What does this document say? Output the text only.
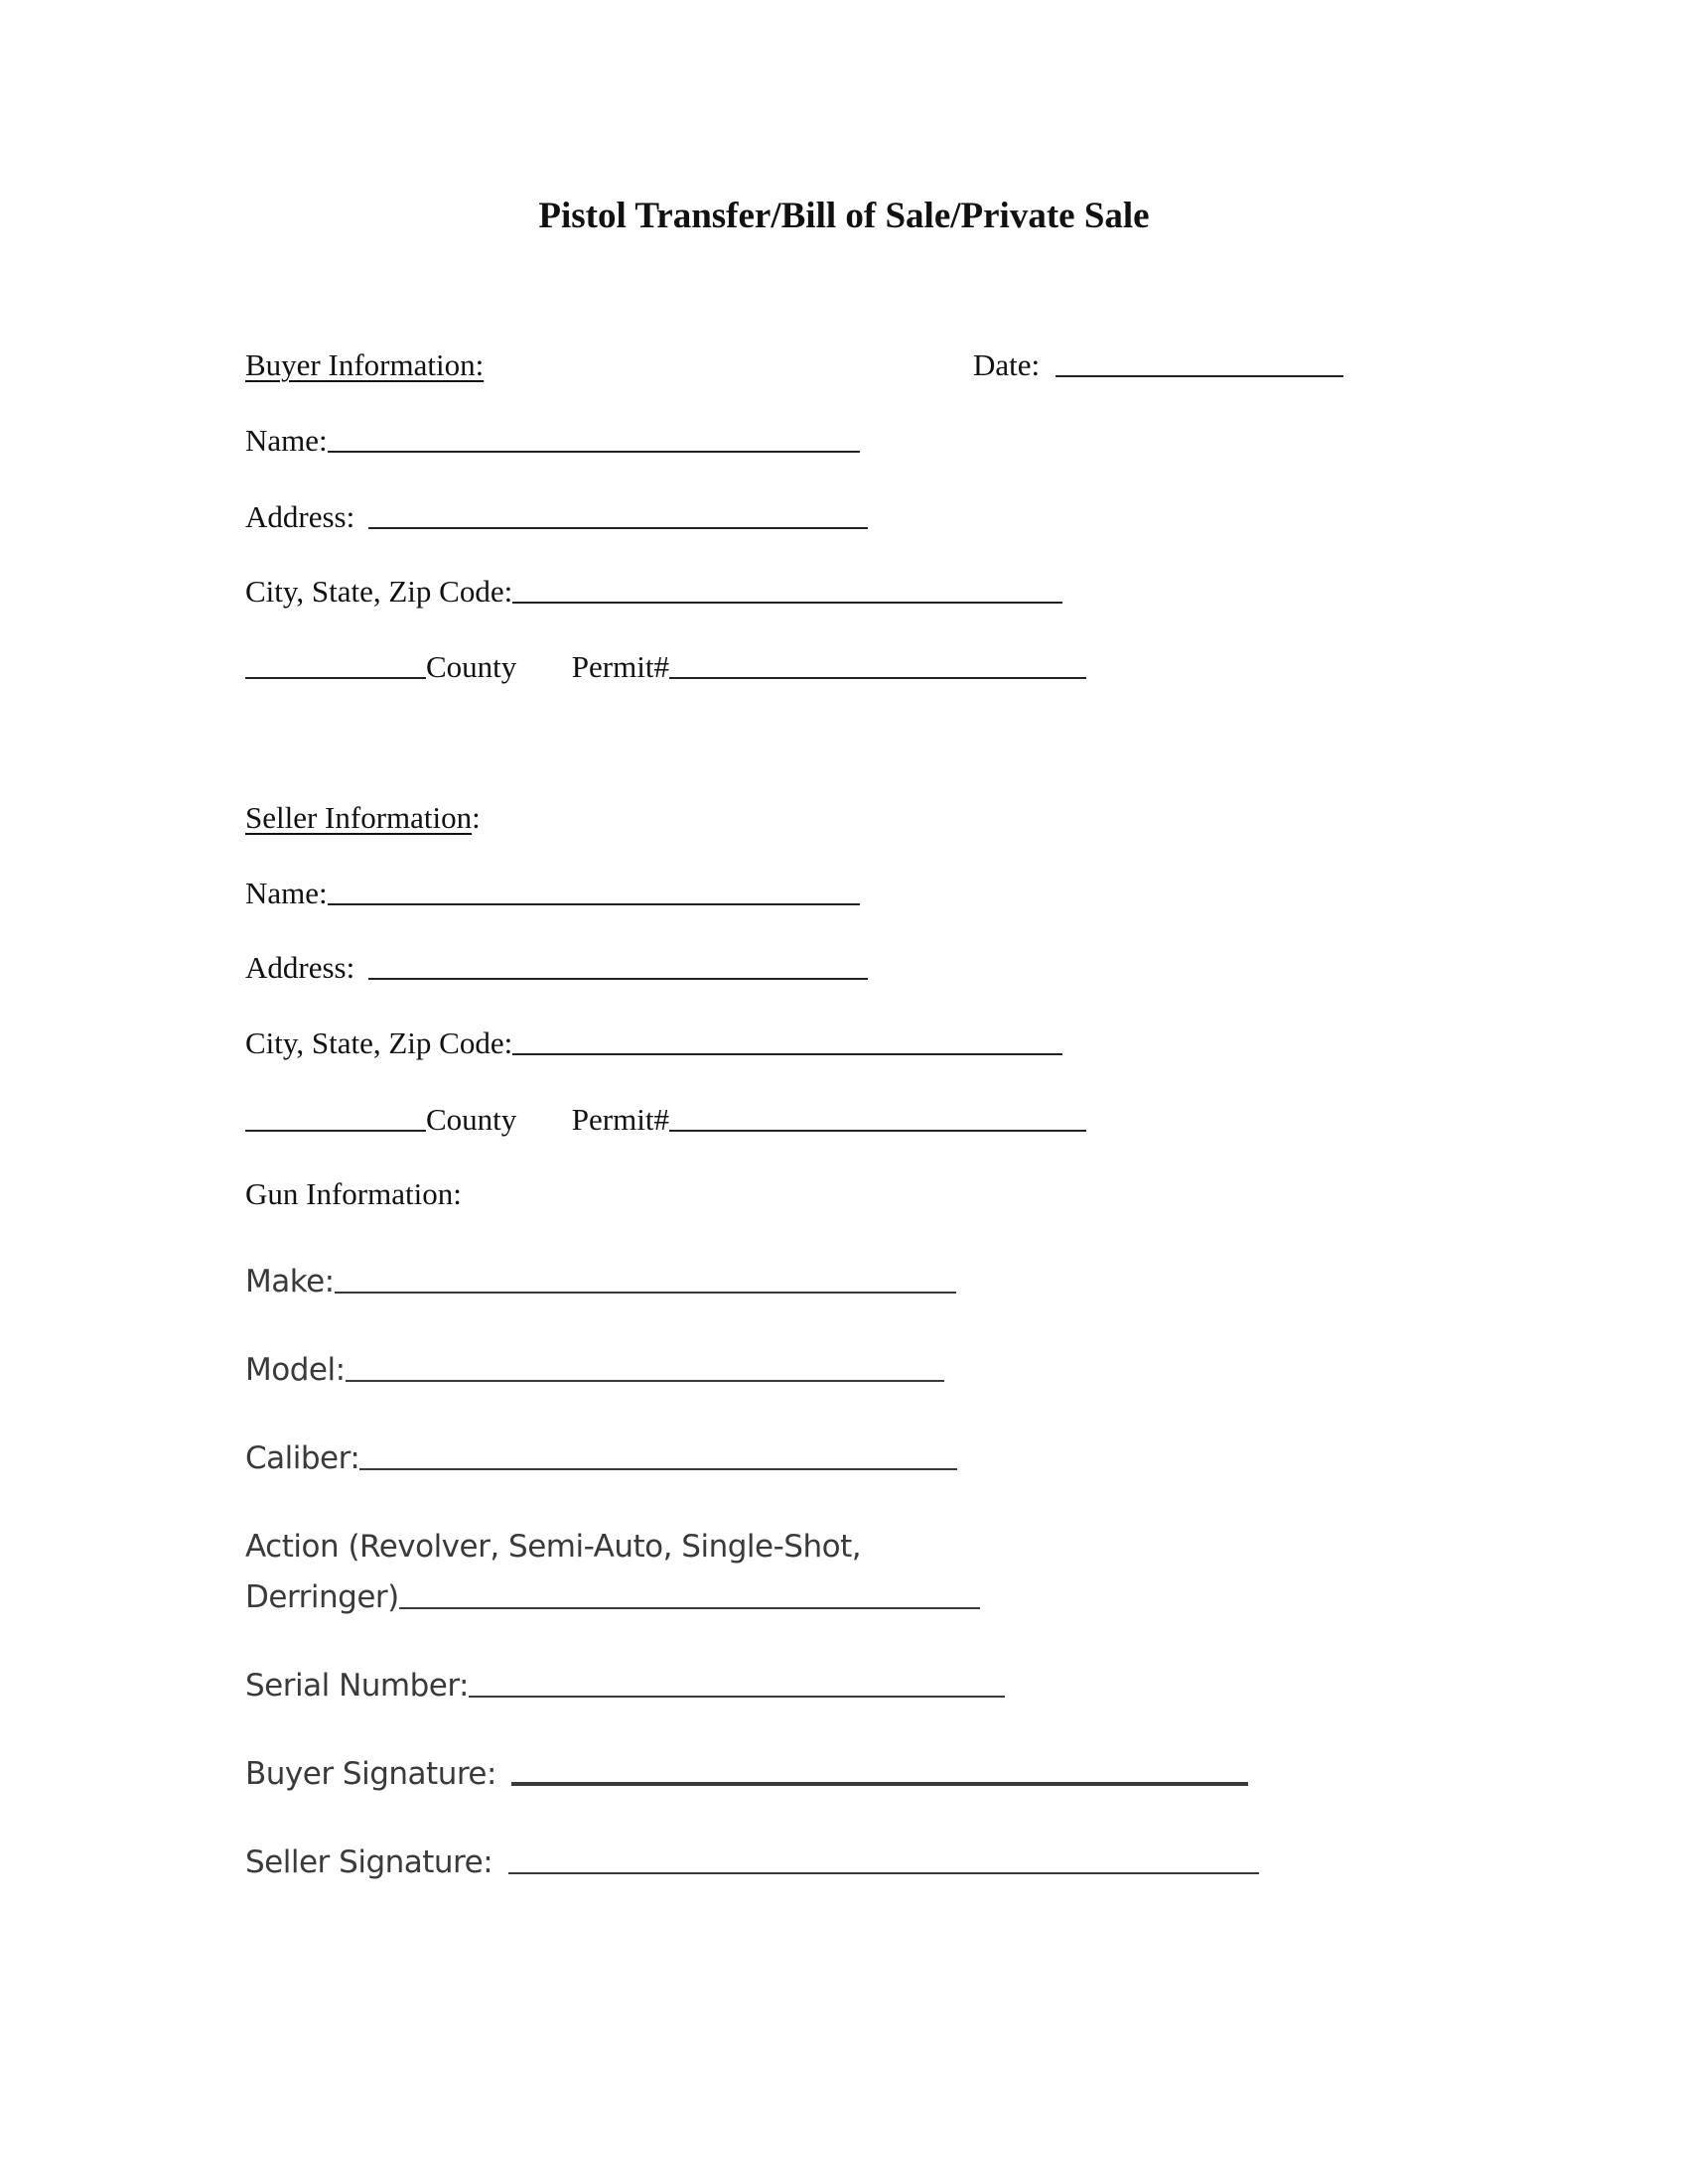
Pistol Transfer/Bill of Sale/Private Sale
Buyer Information:	Date:
Name:
Address:
City, State, Zip Code:
County Permit#
Seller Information:
Name:
Address:
City, State, Zip Code:
County Permit#
Gun Information:
Make:
Model:
Caliber:
Action (Revolver, Semi-Auto, Single-Shot,
Derringer)
Serial Number:
Buyer Signature:
Seller Signature:
